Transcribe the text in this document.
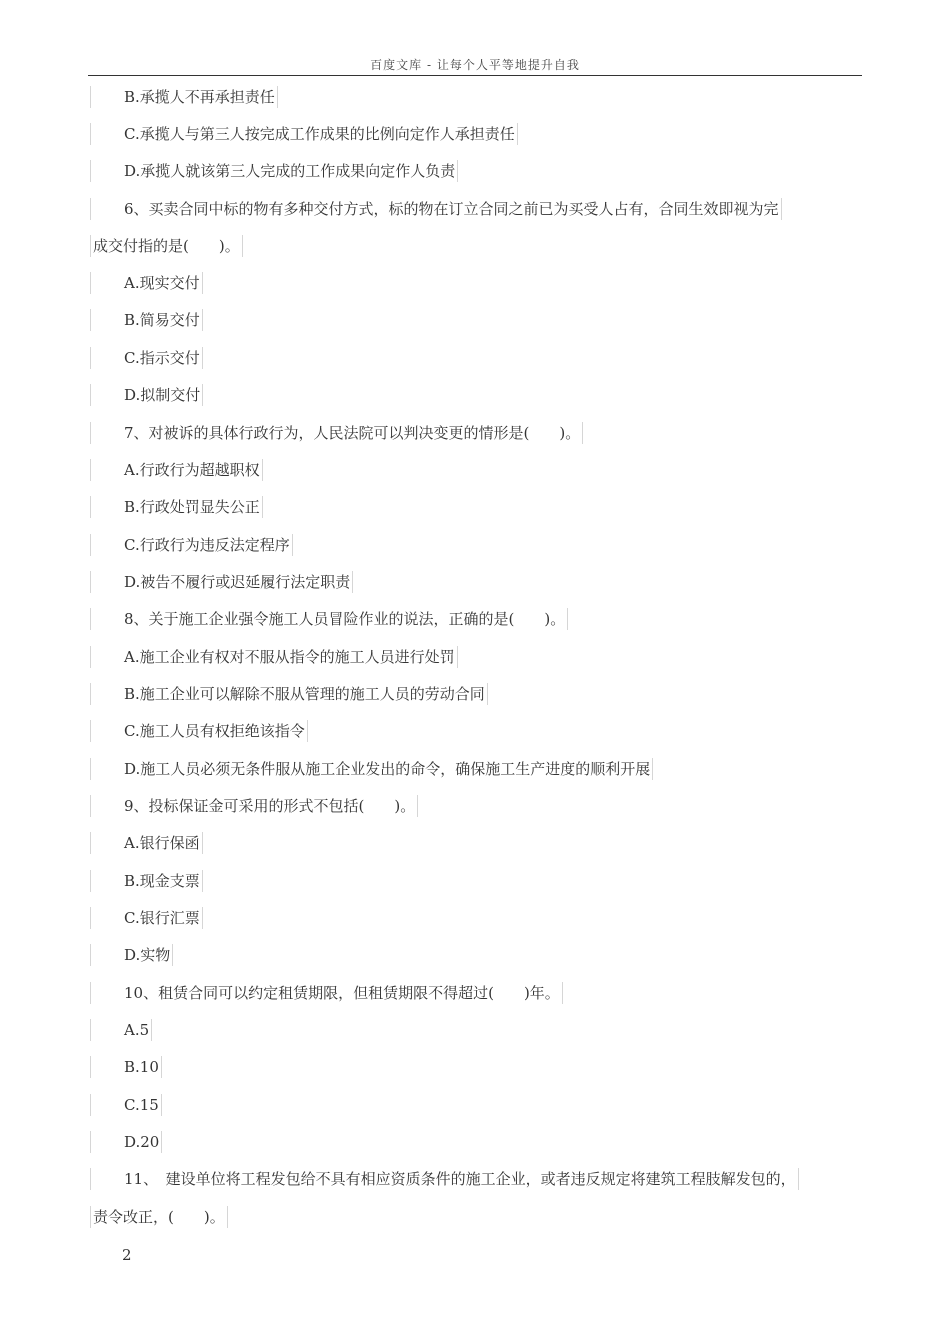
百度文库 - 让每个人平等地提升自我
B.承揽人不再承担责任
C.承揽人与第三人按完成工作成果的比例向定作人承担责任
D.承揽人就该第三人完成的工作成果向定作人负责
6、买卖合同中标的物有多种交付方式，标的物在订立合同之前已为买受人占有，合同生效即视为完
成交付指的是(　　)。
A.现实交付
B.简易交付
C.指示交付
D.拟制交付
7、对被诉的具体行政行为，人民法院可以判决变更的情形是(　　)。
A.行政行为超越职权
B.行政处罚显失公正
C.行政行为违反法定程序
D.被告不履行或迟延履行法定职责
8、关于施工企业强令施工人员冒险作业的说法，正确的是(　　)。
A.施工企业有权对不服从指令的施工人员进行处罚
B.施工企业可以解除不服从管理的施工人员的劳动合同
C.施工人员有权拒绝该指令
D.施工人员必须无条件服从施工企业发出的命令，确保施工生产进度的顺利开展
9、投标保证金可采用的形式不包括(　　)。
A.银行保函
B.现金支票
C.银行汇票
D.实物
10、租赁合同可以约定租赁期限，但租赁期限不得超过(　　)年。
A.5
B.10
C.15
D.20
11、　建设单位将工程发包给不具有相应资质条件的施工企业，或者违反规定将建筑工程肢解发包的，
责令改正，(　　)。
2
